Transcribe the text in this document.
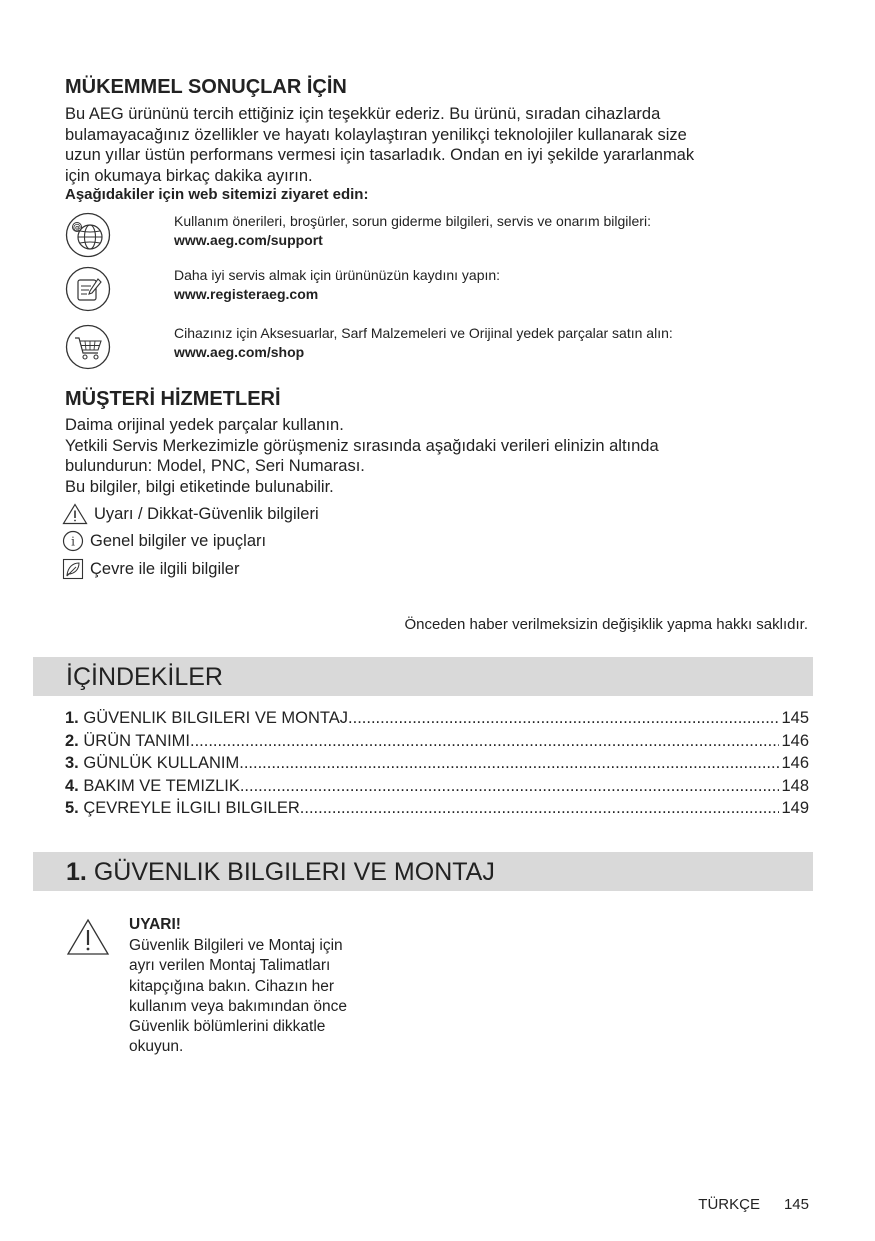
MÜKEMMEL SONUÇLAR İÇİN
Bu AEG ürününü tercih ettiğiniz için teşekkür ederiz. Bu ürünü, sıradan cihazlarda
bulamayacağınız özellikler ve hayatı kolaylaştıran yenilikçi teknolojiler kullanarak size
uzun yıllar üstün performans vermesi için tasarladık. Ondan en iyi şekilde yararlanmak
için okumaya birkaç dakika ayırın.
Aşağıdakiler için web sitemizi ziyaret edin:
@	Kullanım önerileri, broşürler, sorun giderme bilgileri, servis ve onarım bilgileri:
www.aeg.com/support
Daha iyi servis almak için ürününüzün kaydını yapın:
www.registeraeg.com
Cihazınız için Aksesuarlar, Sarf Malzemeleri ve Orijinal yedek parçalar satın alın:
www.aeg.com/shop
MÜŞTERİ HİZMETLERİ
Daima orijinal yedek parçalar kullanın.
Yetkili Servis Merkezimizle görüşmeniz sırasında aşağıdaki verileri elinizin altında
bulundurun: Model, PNC, Seri Numarası.
Bu bilgiler, bilgi etiketinde bulunabilir.
Uyarı / Dikkat-Güvenlik bilgileri
i Genel bilgiler ve ipuçları
Çevre ile ilgili bilgiler
Önceden haber verilmeksizin değişiklik yapma hakkı saklıdır.
İÇİNDEKİLER
1. GÜVENLIK BILGILERI VE MONTAJ .....	145
2. ÜRÜN TANIMI .....	146
3. GÜNLÜK KULLANIM .....	146
4. BAKIM VE TEMIZLIK .....	148
5. ÇEVREYLE İLGILI BILGILER .....	149
1. GÜVENLIK BILGILERI VE MONTAJ
UYARI!
Güvenlik Bilgileri ve Montaj için
ayrı verilen Montaj Talimatları
kitapçığına bakın. Cihazın her
kullanım veya bakımından önce
Güvenlik bölümlerini dikkatle
okuyun.
TÜRKÇE 145
